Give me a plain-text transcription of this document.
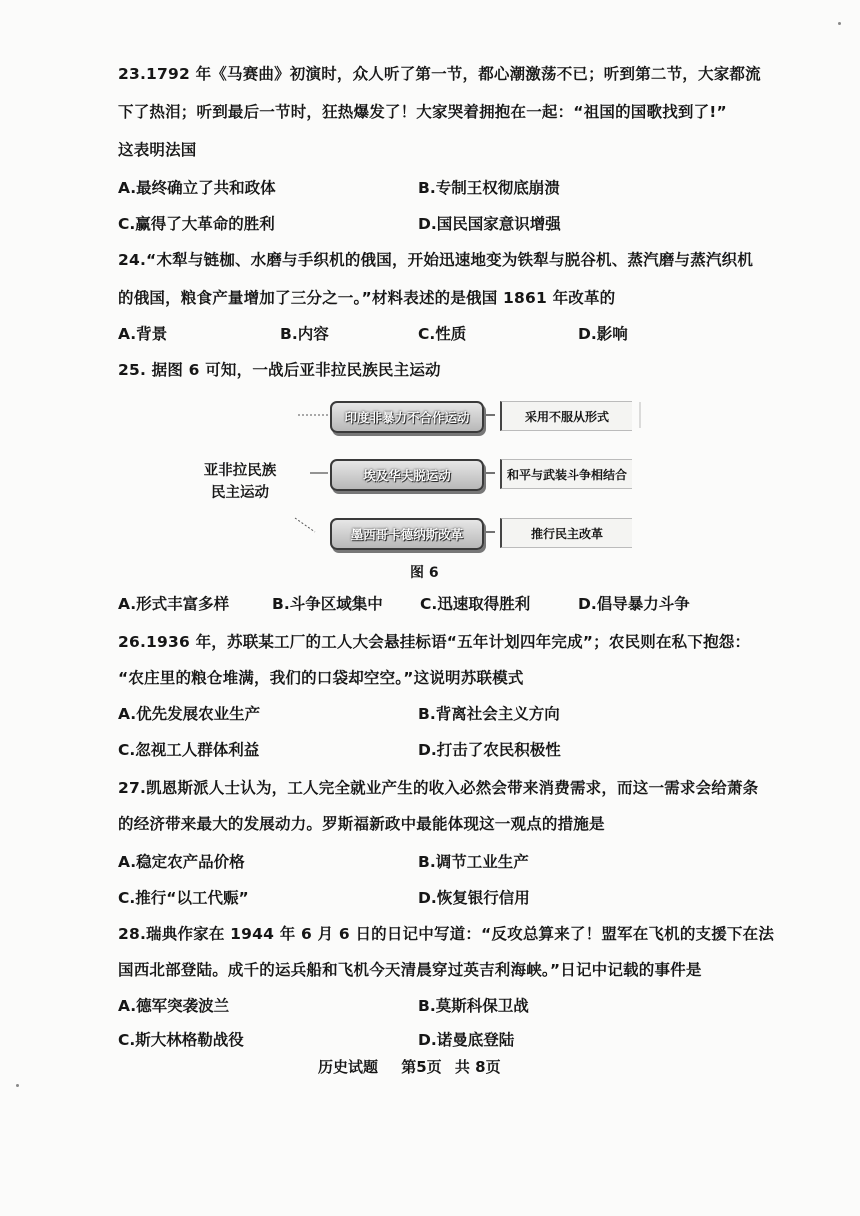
23.1792 年《马赛曲》初演时，众人听了第一节，都心潮激荡不已；听到第二节，大家都流
下了热泪；听到最后一节时，狂热爆发了！大家哭着拥抱在一起：“祖国的国歌找到了!”
这表明法国
A.最终确立了共和政体	B.专制王权彻底崩溃
C.赢得了大革命的胜利	D.国民国家意识增强
24.“木犁与链枷、水磨与手织机的俄国，开始迅速地变为铁犁与脱谷机、蒸汽磨与蒸汽织机
的俄国，粮食产量增加了三分之一。”材料表述的是俄国 1861 年改革的
A.背景	B.内容	C.性质	D.影响
25. 据图 6 可知，一战后亚非拉民族民主运动
亚非拉民族
民主运动
印度非暴力不合作运动	采用不服从形式
埃及华夫脱运动	和平与武装斗争相结合
墨西哥卡德纳斯改革	推行民主改革
图 6
A.形式丰富多样	B.斗争区域集中 C.迅速取得胜利	D.倡导暴力斗争
26.1936 年，苏联某工厂的工人大会悬挂标语“五年计划四年完成”；农民则在私下抱怨：
“农庄里的粮仓堆满，我们的口袋却空空。”这说明苏联模式
A.优先发展农业生产	B.背离社会主义方向
C.忽视工人群体利益	D.打击了农民积极性
27.凯恩斯派人士认为，工人完全就业产生的收入必然会带来消费需求，而这一需求会给萧条
的经济带来最大的发展动力。罗斯福新政中最能体现这一观点的措施是
A.稳定农产品价格	B.调节工业生产
C.推行“以工代赈”	D.恢复银行信用
28.瑞典作家在 1944 年 6 月 6 日的日记中写道：“反攻总算来了！盟军在飞机的支援下在法
国西北部登陆。成千的运兵船和飞机今天清晨穿过英吉利海峡。”日记中记载的事件是
A.德军突袭波兰	B.莫斯科保卫战
C.斯大林格勒战役	D.诺曼底登陆
历史试题 第5页 共 8页
